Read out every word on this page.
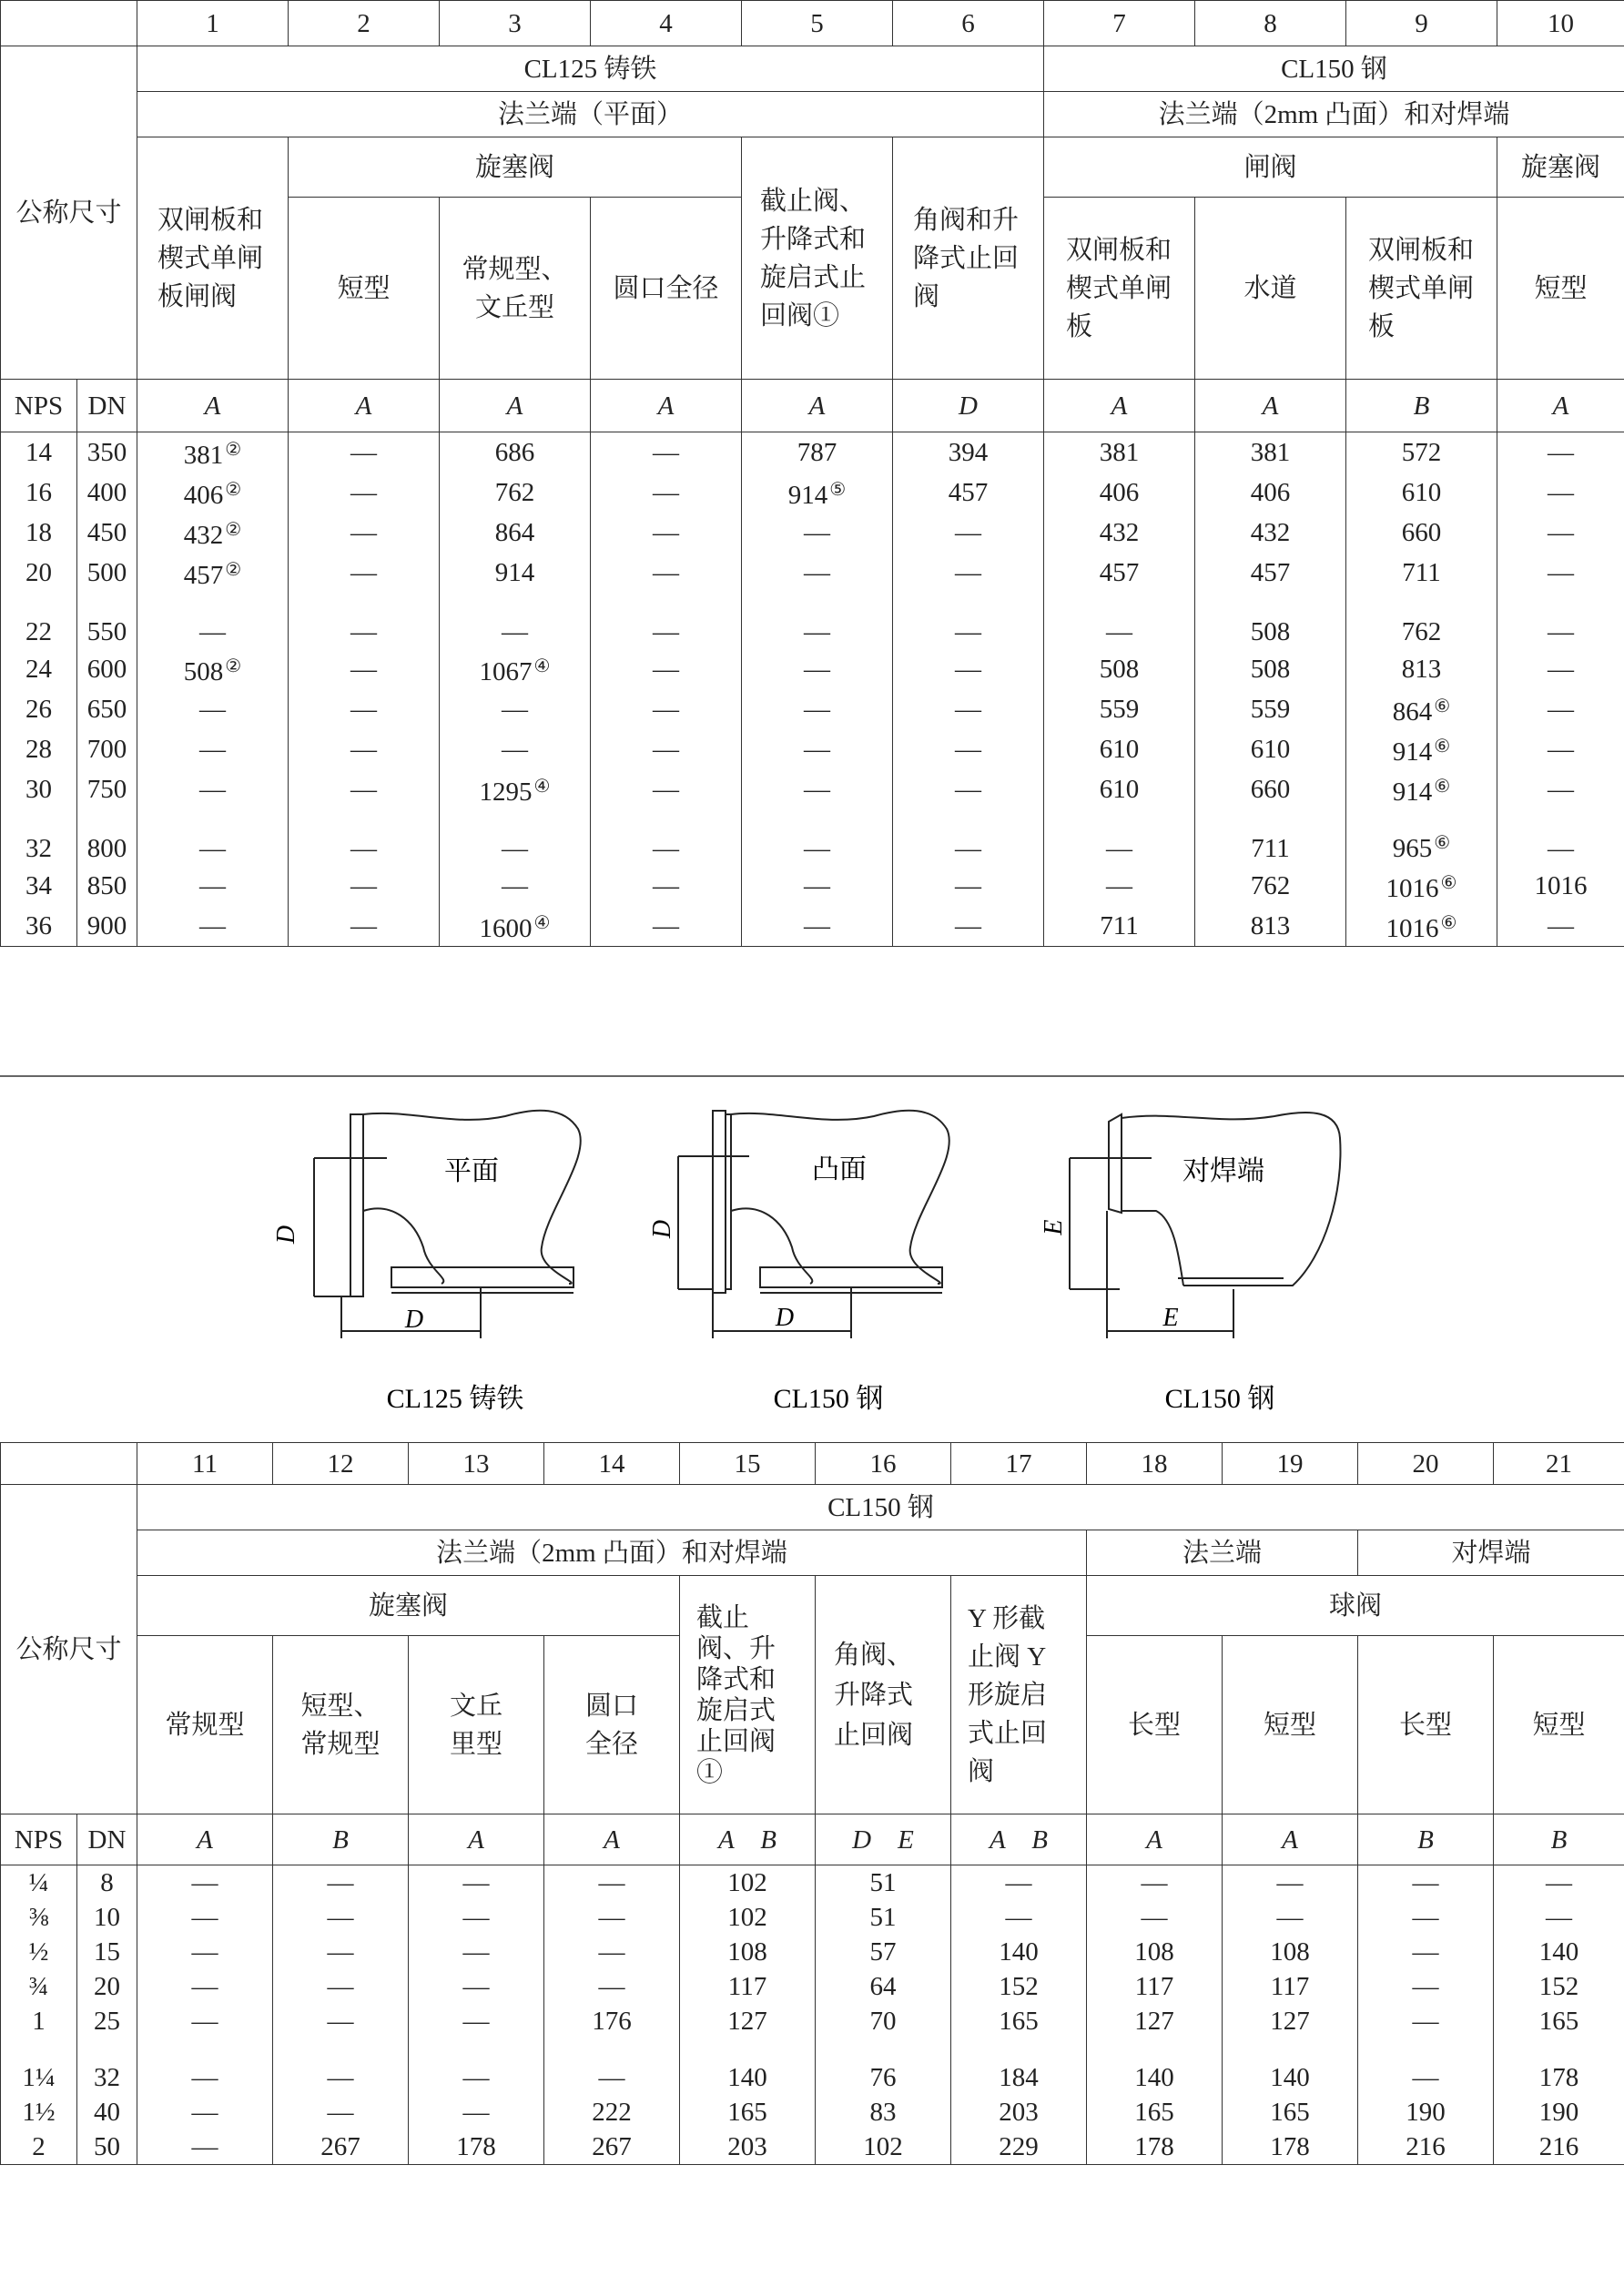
		1	2	3	4	5	6	7	8	9	10
公称尺寸		CL125 铸铁						CL150 钢			
		法兰端（平面）						法兰端（2mm 凸面）和对焊端			
		双闸板和楔式单闸板闸阀	旋塞阀			截止阀、升降式和旋启式止回阀①	角阀和升降式止回阀	闸阀			旋塞阀
			短型	常规型、文丘型	圆口全径			双闸板和楔式单闸板	水道	双闸板和楔式单闸板	短型
NPS	DN	A	A	A	A	A	D	A	A	B	A
14	350	381 ②	—	686	—	787	394	381	381	572	—
16	400	406 ②	—	762	—	914 ⑤	457	406	406	610	—
18	450	432 ②	—	864	—	—	—	432	432	660	—
20	500	457 ②	—	914	—	—	—	457	457	711	—
22	550	—	—	—	—	—	—	—	508	762	—
24	600	508 ②	—	1067 ④	—	—	—	508	508	813	—
26	650	—	—	—	—	—	—	559	559	864 ⑥	—
28	700	—	—	—	—	—	—	610	610	914 ⑥	—
30	750	—	—	1295 ④	—	—	—	610	660	914 ⑥	—
32	800	—	—	—	—	—	—	—	711	965 ⑥	—
34	850	—	—	—	—	—	—	—	762	1016 ⑥	1016
36	900	—	—	1600 ④	—	—	—	711	813	1016 ⑥	—
平面
D
D
CL125 铸铁
凸面
D
D
CL150 钢
对焊端
E
E
CL150 钢
		11	12	13	14	15	16	17	18	19	20	21
公称尺寸		CL150 钢										
		法兰端（2mm 凸面）和对焊端							法兰端		对焊端	
		旋塞阀				截止阀、升降式和旋启式止回阀①	角阀、升降式止回阀	Y 形截止阀 Y 形旋启式止回阀	球阀			
		常规型	短型、常规型	文丘里型	圆口全径				长型	短型	长型	短型
NPS	DN	A	B	A	A	A　B	D　E	A　B	A	A	B	B
¼	8	—	—	—	—	102	51	—	—	—	—	—
⅜	10	—	—	—	—	102	51	—	—	—	—	—
½	15	—	—	—	—	108	57	140	108	108	—	140
¾	20	—	—	—	—	117	64	152	117	117	—	152
1	25	—	—	—	176	127	70	165	127	127	—	165
1¼	32	—	—	—	—	140	76	184	140	140	—	178
1½	40	—	—	—	222	165	83	203	165	165	190	190
2	50	—	267	178	267	203	102	229	178	178	216	216
